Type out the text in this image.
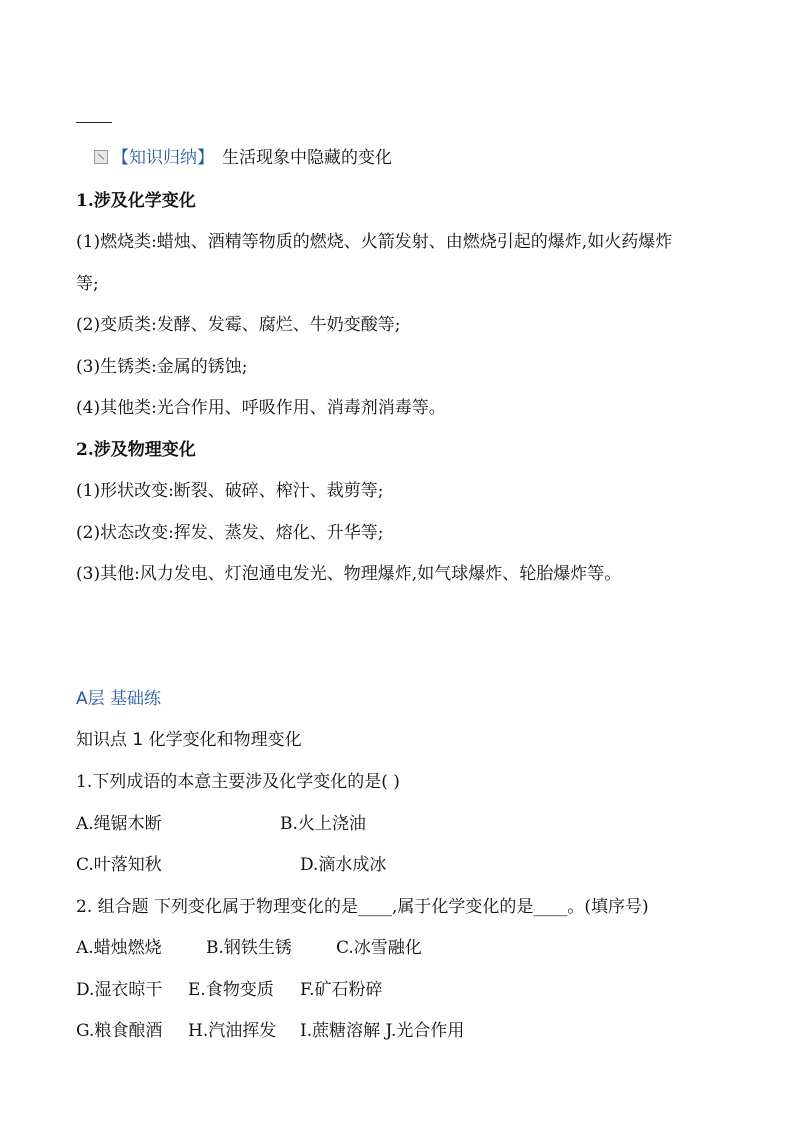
【知识归纳】 生活现象中隐藏的变化
1.涉及化学变化
(1)燃烧类:蜡烛、酒精等物质的燃烧、火箭发射、由燃烧引起的爆炸,如火药爆炸
等;
(2)变质类:发酵、发霉、腐烂、牛奶变酸等;
(3)生锈类:金属的锈蚀;
(4)其他类:光合作用、呼吸作用、消毒剂消毒等。
2.涉及物理变化
(1)形状改变:断裂、破碎、榨汁、裁剪等;
(2)状态改变:挥发、蒸发、熔化、升华等;
(3)其他:风力发电、灯泡通电发光、物理爆炸,如气球爆炸、轮胎爆炸等。
A层 基础练
知识点 1 化学变化和物理变化
1.下列成语的本意主要涉及化学变化的是( )
A.绳锯木断	B.火上浇油
C.叶落知秋	D.滴水成冰
2. 组合题 下列变化属于物理变化的是____,属于化学变化的是____。(填序号)
A.蜡烛燃烧	B.钢铁生锈	C.冰雪融化
D.湿衣晾干 E.食物变质 F.矿石粉碎
G.粮食酿酒 H.汽油挥发 I.蔗糖溶解 J.光合作用
